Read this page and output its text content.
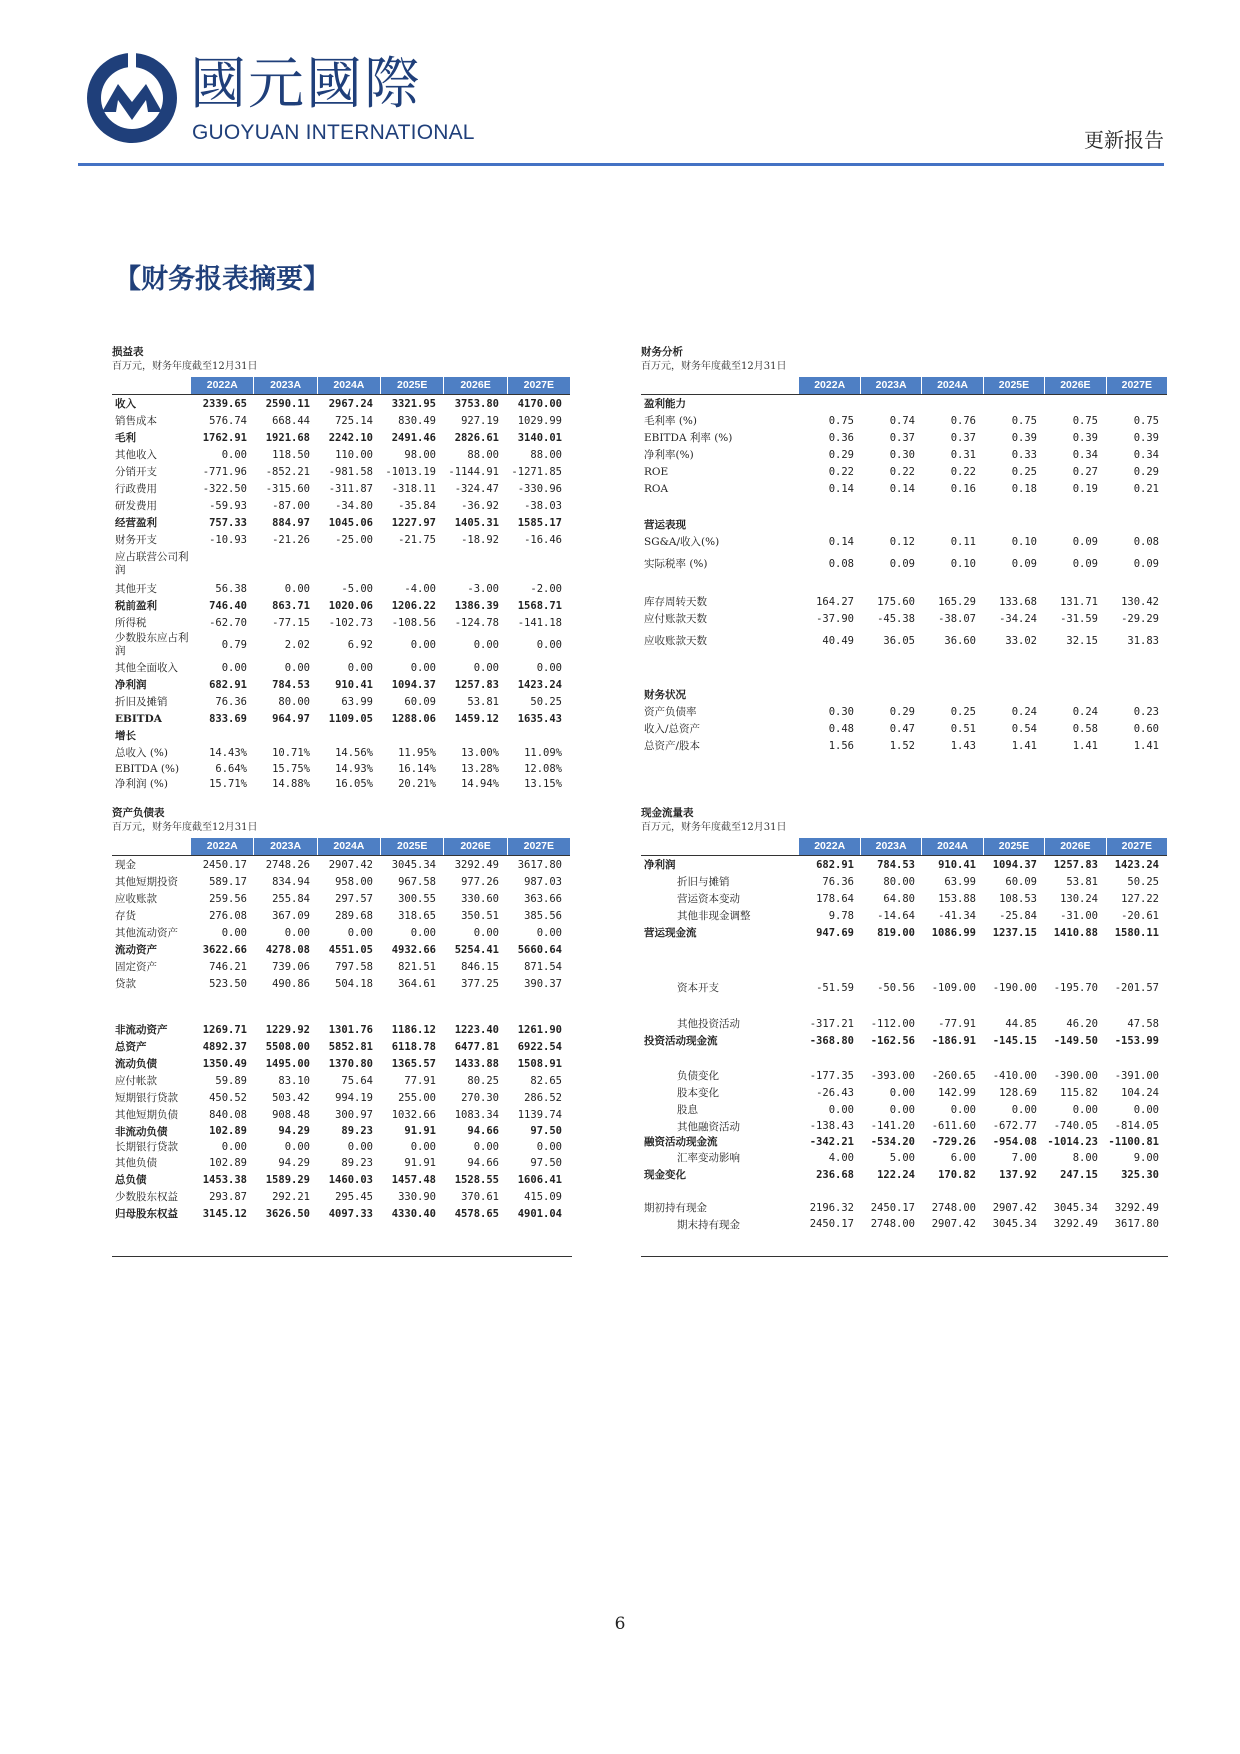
國元國際
GUOYUAN INTERNATIONAL	更新报告
【财务报表摘要】
损益表
百万元，财务年度截至12月31日
2022A	2023A	2024A	2025E	2026E	2027E
收入	2339.65	2590.11	2967.24	3321.95	3753.80	4170.00
销售成本	576.74	668.44	725.14	830.49	927.19	1029.99
毛利	1762.91	1921.68	2242.10	2491.46	2826.61	3140.01
其他收入	0.00	118.50	110.00	98.00	88.00	88.00
分销开支	-771.96	-852.21	-981.58	-1013.19	-1144.91	-1271.85
行政费用	-322.50	-315.60	-311.87	-318.11	-324.47	-330.96
研发费用	-59.93	-87.00	-34.80	-35.84	-36.92	-38.03
经营盈利	757.33	884.97	1045.06	1227.97	1405.31	1585.17
财务开支	-10.93	-21.26	-25.00	-21.75	-18.92	-16.46
应占联营公司利润						
其他开支	56.38	0.00	-5.00	-4.00	-3.00	-2.00
税前盈利	746.40	863.71	1020.06	1206.22	1386.39	1568.71
所得税	-62.70	-77.15	-102.73	-108.56	-124.78	-141.18
少数股东应占利润	0.79	2.02	6.92	0.00	0.00	0.00
其他全面收入	0.00	0.00	0.00	0.00	0.00	0.00
净利润	682.91	784.53	910.41	1094.37	1257.83	1423.24
折旧及摊销	76.36	80.00	63.99	60.09	53.81	50.25
EBITDA	833.69	964.97	1109.05	1288.06	1459.12	1635.43
增长						
总收入 (%)	14.43%	10.71%	14.56%	11.95%	13.00%	11.09%
EBITDA (%)	6.64%	15.75%	14.93%	16.14%	13.28%	12.08%
净利润 (%)	15.71%	14.88%	16.05%	20.21%	14.94%	13.15%
财务分析
百万元，财务年度截至12月31日
2022A	2023A	2024A	2025E	2026E	2027E
盈利能力						
毛利率 (%)	0.75	0.74	0.76	0.75	0.75	0.75
EBITDA 利率 (%)	0.36	0.37	0.37	0.39	0.39	0.39
净利率(%)	0.29	0.30	0.31	0.33	0.34	0.34
ROE	0.22	0.22	0.22	0.25	0.27	0.29
ROA	0.14	0.14	0.16	0.18	0.19	0.21

营运表现						
SG&A/收入(%)	0.14	0.12	0.11	0.10	0.09	0.08
实际税率 (%)	0.08	0.09	0.10	0.09	0.09	0.09

库存周转天数	164.27	175.60	165.29	133.68	131.71	130.42
应付账款天数	-37.90	-45.38	-38.07	-34.24	-31.59	-29.29
应收账款天数	40.49	36.05	36.60	33.02	32.15	31.83

财务状况						
资产负债率	0.30	0.29	0.25	0.24	0.24	0.23
收入/总资产	0.48	0.47	0.51	0.54	0.58	0.60
总资产/股本	1.56	1.52	1.43	1.41	1.41	1.41
资产负债表
百万元，财务年度截至12月31日
2022A	2023A	2024A	2025E	2026E	2027E
现金	2450.17	2748.26	2907.42	3045.34	3292.49	3617.80
其他短期投资	589.17	834.94	958.00	967.58	977.26	987.03
应收账款	259.56	255.84	297.57	300.55	330.60	363.66
存货	276.08	367.09	289.68	318.65	350.51	385.56
其他流动资产	0.00	0.00	0.00	0.00	0.00	0.00
流动资产	3622.66	4278.08	4551.05	4932.66	5254.41	5660.64
固定资产	746.21	739.06	797.58	821.51	846.15	871.54
贷款	523.50	490.86	504.18	364.61	377.25	390.37

非流动资产	1269.71	1229.92	1301.76	1186.12	1223.40	1261.90
总资产	4892.37	5508.00	5852.81	6118.78	6477.81	6922.54
流动负债	1350.49	1495.00	1370.80	1365.57	1433.88	1508.91
应付帐款	59.89	83.10	75.64	77.91	80.25	82.65
短期银行贷款	450.52	503.42	994.19	255.00	270.30	286.52
其他短期负债	840.08	908.48	300.97	1032.66	1083.34	1139.74
非流动负债	102.89	94.29	89.23	91.91	94.66	97.50
长期银行贷款	0.00	0.00	0.00	0.00	0.00	0.00
其他负债	102.89	94.29	89.23	91.91	94.66	97.50
总负债	1453.38	1589.29	1460.03	1457.48	1528.55	1606.41
少数股东权益	293.87	292.21	295.45	330.90	370.61	415.09
归母股东权益	3145.12	3626.50	4097.33	4330.40	4578.65	4901.04
现金流量表
百万元，财务年度截至12月31日
2022A	2023A	2024A	2025E	2026E	2027E
净利润	682.91	784.53	910.41	1094.37	1257.83	1423.24
折旧与摊销	76.36	80.00	63.99	60.09	53.81	50.25
营运资本变动	178.64	64.80	153.88	108.53	130.24	127.22
其他非现金调整	9.78	-14.64	-41.34	-25.84	-31.00	-20.61
营运现金流	947.69	819.00	1086.99	1237.15	1410.88	1580.11

资本开支	-51.59	-50.56	-109.00	-190.00	-195.70	-201.57

其他投资活动	-317.21	-112.00	-77.91	44.85	46.20	47.58
投资活动现金流	-368.80	-162.56	-186.91	-145.15	-149.50	-153.99

负债变化	-177.35	-393.00	-260.65	-410.00	-390.00	-391.00
股本变化	-26.43	0.00	142.99	128.69	115.82	104.24
股息	0.00	0.00	0.00	0.00	0.00	0.00
其他融资活动	-138.43	-141.20	-611.60	-672.77	-740.05	-814.05
融资活动现金流	-342.21	-534.20	-729.26	-954.08	-1014.23	-1100.81
汇率变动影响	4.00	5.00	6.00	7.00	8.00	9.00
现金变化	236.68	122.24	170.82	137.92	247.15	325.30

期初持有现金	2196.32	2450.17	2748.00	2907.42	3045.34	3292.49
期末持有现金	2450.17	2748.00	2907.42	3045.34	3292.49	3617.80
6
